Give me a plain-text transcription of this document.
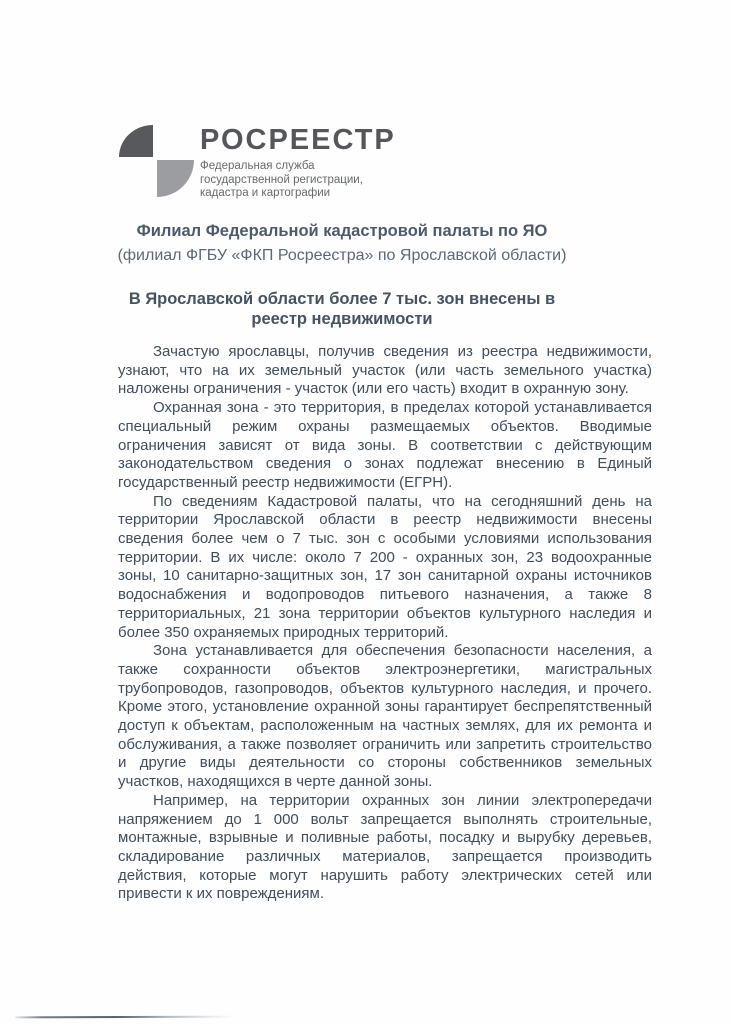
РОСРЕЕСТР
Федеральная служба
государственной регистрации,
кадастра и картографии
Филиал Федеральной кадастровой палаты по ЯО
(филиал ФГБУ «ФКП Росреестра» по Ярославской области)
В Ярославской области более 7 тыс. зон внесены в
реестр недвижимости

Зачастую ярославцы, получив сведения из реестра недвижимости, узнают, что на их земельный участок (или часть земельного участка) наложены ограничения - участок (или его часть) входит в охранную зону.

Охранная зона - это территория, в пределах которой устанавливается специальный режим охраны размещаемых объектов. Вводимые ограничения зависят от вида зоны. В соответствии с действующим законодательством сведения о зонах подлежат внесению в Единый государственный реестр недвижимости (ЕГРН).

По сведениям Кадастровой палаты, что на сегодняшний день на территории Ярославской области в реестр недвижимости внесены сведения более чем о 7 тыс. зон с особыми условиями использования территории. В их числе: около 7 200 - охранных зон, 23 водоохранные зоны, 10 санитарно-защитных зон, 17 зон санитарной охраны источников водоснабжения и водопроводов питьевого назначения, а также 8 территориальных, 21 зона территории объектов культурного наследия и более 350 охраняемых природных территорий.

Зона устанавливается для обеспечения безопасности населения, а также сохранности объектов электроэнергетики, магистральных трубопроводов, газопроводов, объектов культурного наследия, и прочего. Кроме этого, установление охранной зоны гарантирует беспрепятственный доступ к объектам, расположенным на частных землях, для их ремонта и обслуживания, а также позволяет ограничить или запретить строительство и другие виды деятельности со стороны собственников земельных участков, находящихся в черте данной зоны.

Например, на территории охранных зон линии электропередачи напряжением до 1 000 вольт запрещается выполнять строительные, монтажные, взрывные и поливные работы, посадку и вырубку деревьев, складирование различных материалов, запрещается производить действия, которые могут нарушить работу электрических сетей или привести к их повреждениям.
